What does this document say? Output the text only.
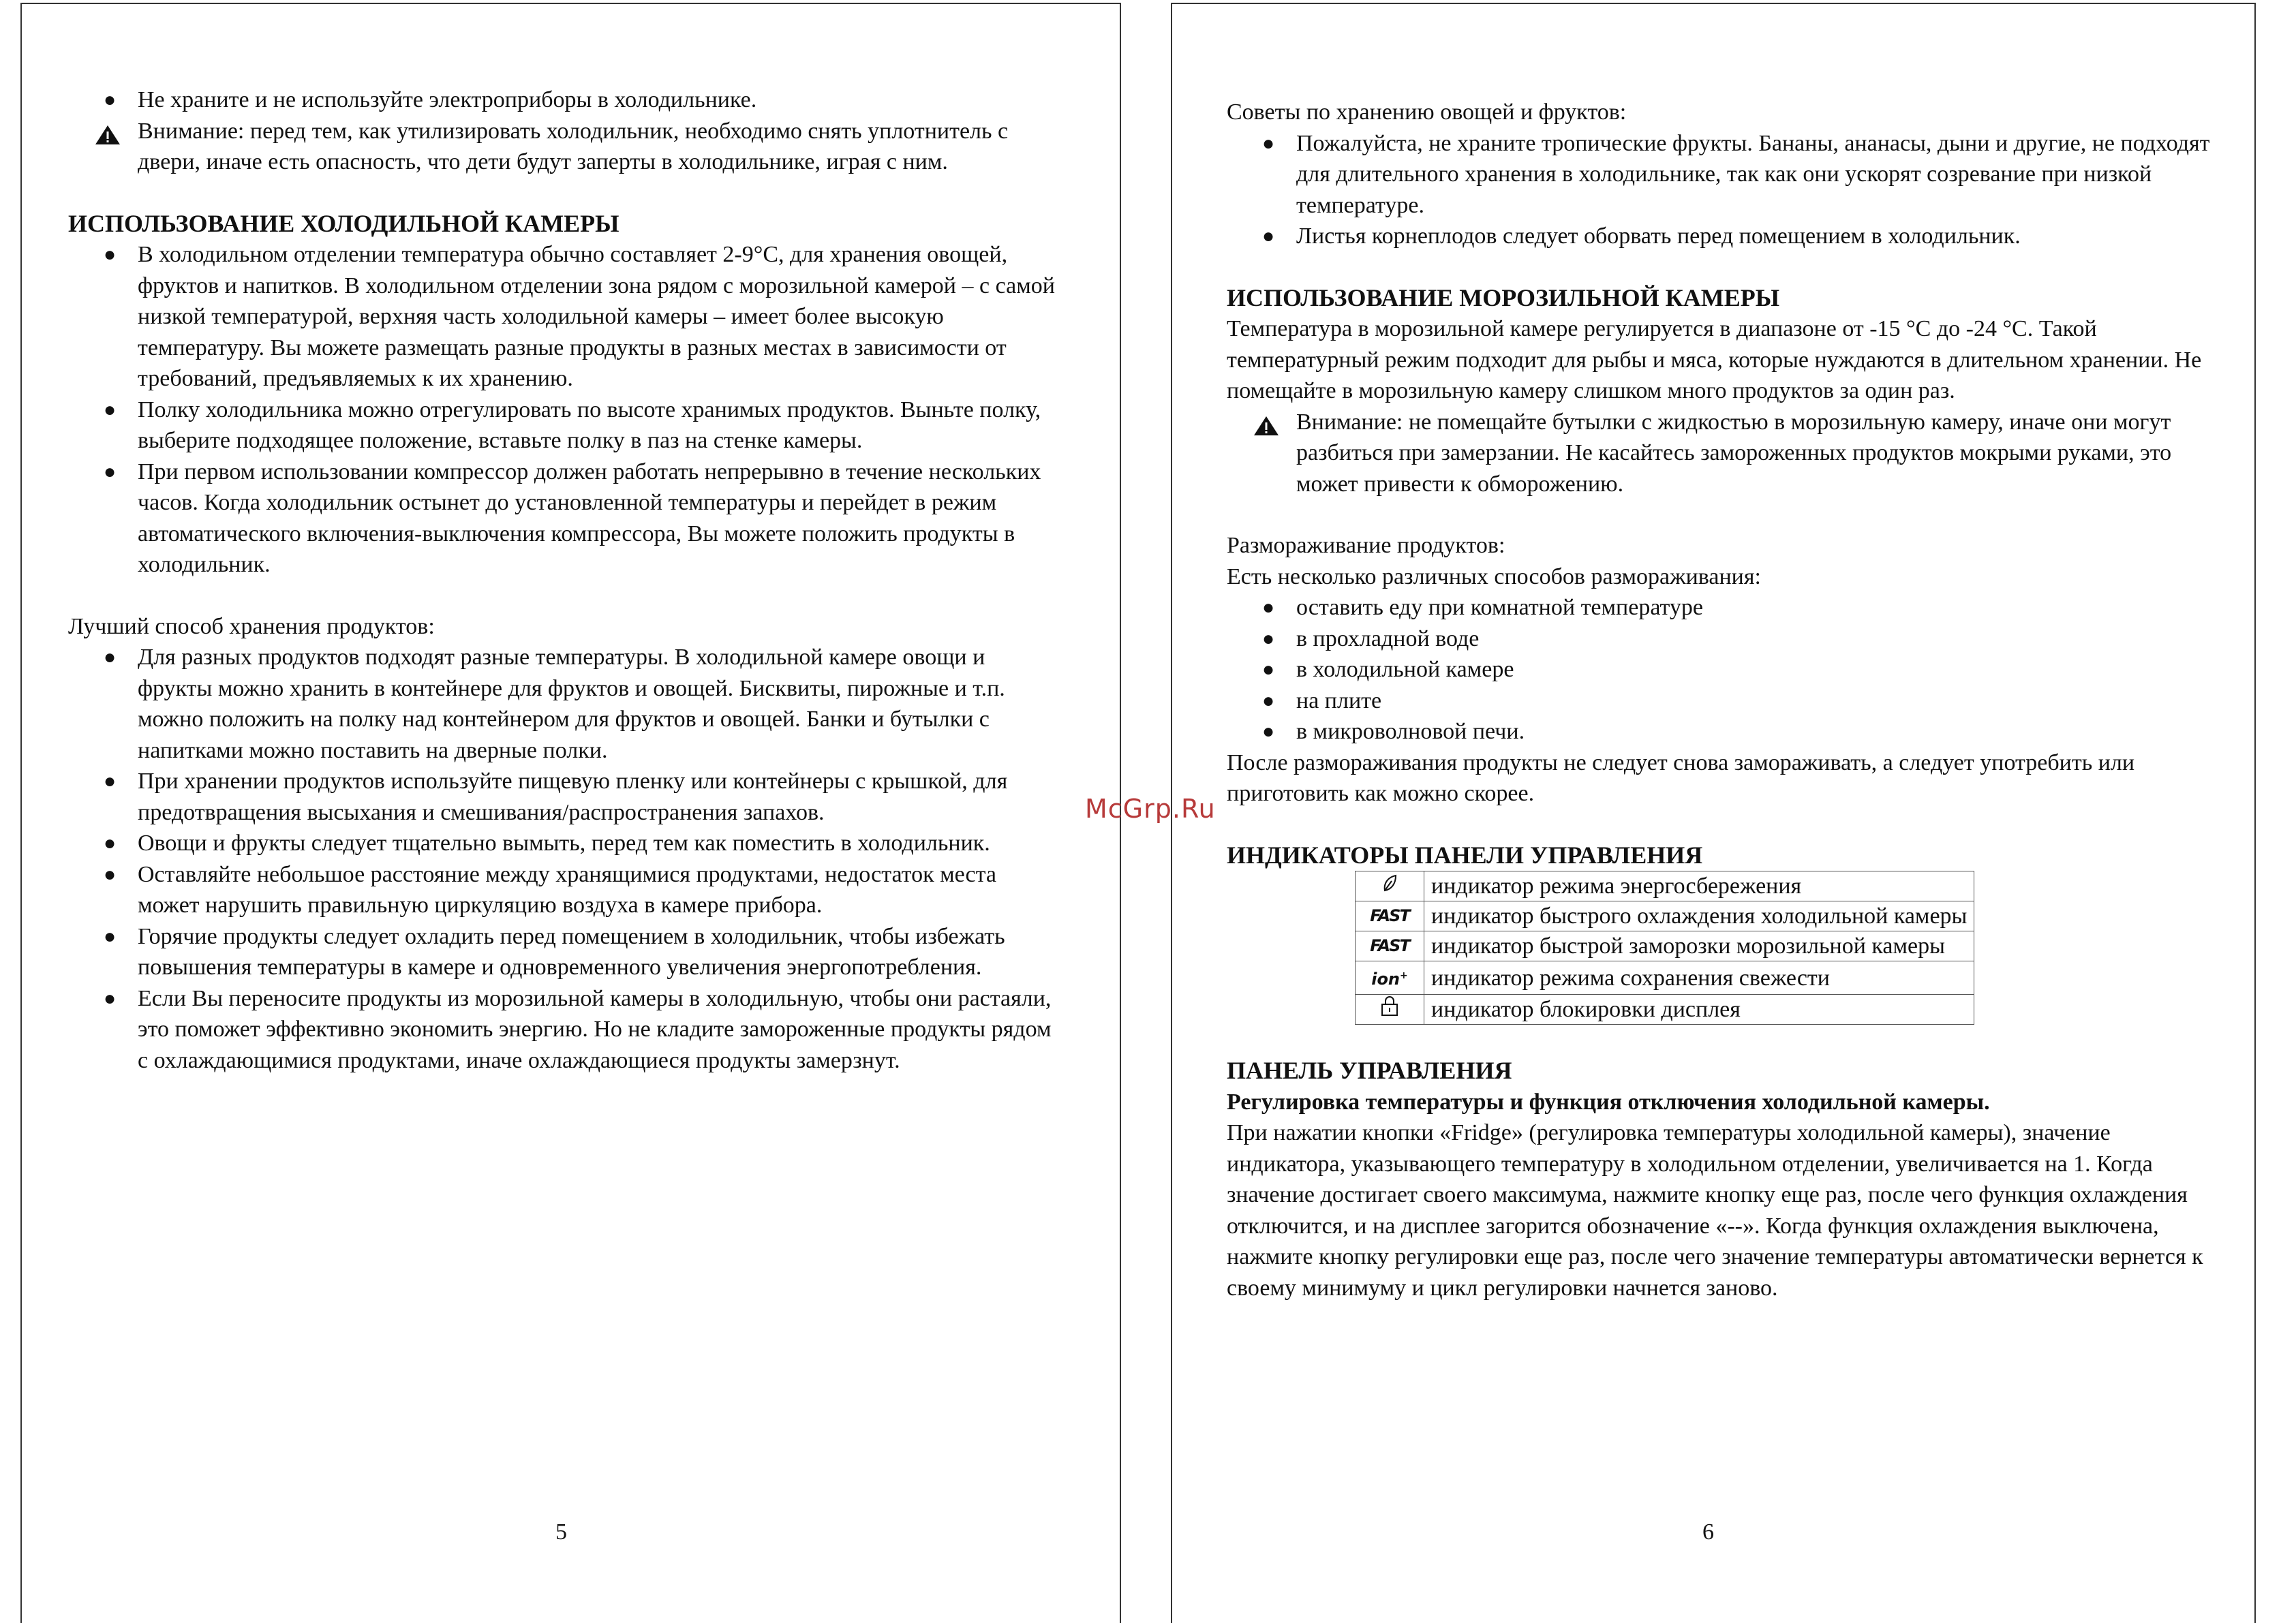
● Не храните и не используйте электроприборы в холодильнике.
Внимание: перед тем, как утилизировать холодильник, необходимо снять уплотнитель с двери, иначе есть опасность, что дети будут заперты в холодильнике, играя с ним.
ИСПОЛЬЗОВАНИЕ ХОЛОДИЛЬНОЙ КАМЕРЫ
● В холодильном отделении температура обычно составляет 2-9°C, для хранения овощей, фруктов и напитков. В холодильном отделении зона рядом с морозильной камерой – с самой низкой температурой, верхняя часть холодильной камеры – имеет более высокую температуру. Вы можете размещать разные продукты в разных местах в зависимости от требований, предъявляемых к их хранению.
● Полку холодильника можно отрегулировать по высоте хранимых продуктов. Выньте полку, выберите подходящее положение, вставьте полку в паз на стенке камеры.
● При первом использовании компрессор должен работать непрерывно в течение нескольких часов. Когда холодильник остынет до установленной температуры и перейдет в режим автоматического включения-выключения компрессора, Вы можете положить продукты в холодильник.

Лучший способ хранения продуктов:

● Для разных продуктов подходят разные температуры. В холодильной камере овощи и фрукты можно хранить в контейнере для фруктов и овощей. Бисквиты, пирожные и т.п. можно положить на полку над контейнером для фруктов и овощей. Банки и бутылки с напитками можно поставить на дверные полки.
● При хранении продуктов используйте пищевую пленку или контейнеры с крышкой, для предотвращения высыхания и смешивания/распространения запахов.
● Овощи и фрукты следует тщательно вымыть, перед тем как поместить в холодильник.
● Оставляйте небольшое расстояние между хранящимися продуктами, недостаток места может нарушить правильную циркуляцию воздуха в камере прибора.
● Горячие продукты следует охладить перед помещением в холодильник, чтобы избежать повышения температуры в камере и одновременного увеличения энергопотребления.
● Если Вы переносите продукты из морозильной камеры в холодильную, чтобы они растаяли, это поможет эффективно экономить энергию. Но не кладите замороженные продукты рядом с охлаждающимися продуктами, иначе охлаждающиеся продукты замерзнут.
5
McGrp.Ru

Советы по хранению овощей и фруктов:

● Пожалуйста, не храните тропические фрукты. Бананы, ананасы, дыни и другие, не подходят для длительного хранения в холодильнике, так как они ускорят созревание при низкой температуре.
● Листья корнеплодов следует оборвать перед помещением в холодильник.
ИСПОЛЬЗОВАНИЕ МОРОЗИЛЬНОЙ КАМЕРЫ

Температура в морозильной камере регулируется в диапазоне от -15 °С до -24 °С. Такой температурный режим подходит для рыбы и мяса, которые нуждаются в длительном хранении. Не помещайте в морозильную камеру слишком много продуктов за один раз.

Внимание: не помещайте бутылки с жидкостью в морозильную камеру, иначе они могут разбиться при замерзании. Не касайтесь замороженных продуктов мокрыми руками, это может привести к обморожению.

Размораживание продуктов:

Есть несколько различных способов размораживания:

● оставить еду при комнатной температуре
● в прохладной воде
● в холодильной камере
● на плите
● в микроволновой печи.

После размораживания продукты не следует снова замораживать, а следует употребить или приготовить как можно скорее.

ИНДИКАТОРЫ ПАНЕЛИ УПРАВЛЕНИЯ
	индикатор режима энергосбережения
FAST	индикатор быстрого охлаждения холодильной камеры
FAST	индикатор быстрой заморозки морозильной камеры
ion+	индикатор режима сохранения свежести
	индикатор блокировки дисплея
ПАНЕЛЬ УПРАВЛЕНИЯ

Регулировка температуры и функция отключения холодильной камеры.

При нажатии кнопки «Fridge» (регулировка температуры холодильной камеры), значение индикатора, указывающего температуру в холодильном отделении, увеличивается на 1. Когда значение достигает своего максимума, нажмите кнопку еще раз, после чего функция охлаждения отключится, и на дисплее загорится обозначение «--». Когда функция охлаждения выключена, нажмите кнопку регулировки еще раз, после чего значение температуры автоматически вернется к своему минимуму и цикл регулировки начнется заново.

6
